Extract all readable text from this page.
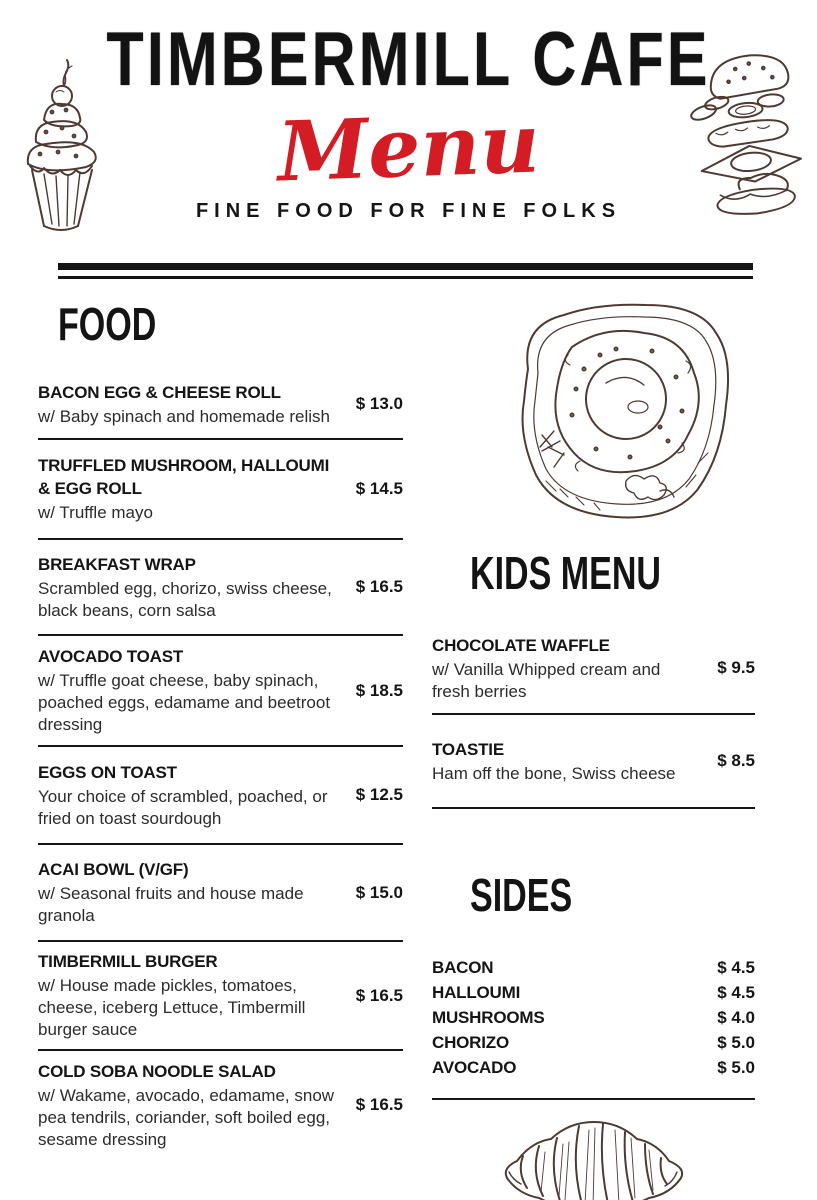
TIMBERMILL CAFE
Menu
FINE FOOD FOR FINE FOLKS
FOOD
BACON EGG & CHEESE ROLL
w/ Baby spinach and homemade relish
$ 13.0
TRUFFLED MUSHROOM, HALLOUMI & EGG ROLL
w/ Truffle mayo
$ 14.5
BREAKFAST WRAP
Scrambled egg, chorizo, swiss cheese, black beans, corn salsa
$ 16.5
AVOCADO TOAST
w/ Truffle goat cheese, baby spinach, poached eggs, edamame and beetroot dressing
$ 18.5
EGGS ON TOAST
Your choice of scrambled, poached, or fried on toast sourdough
$ 12.5
ACAI BOWL (V/GF)
w/ Seasonal fruits and house made granola
$ 15.0
TIMBERMILL BURGER
w/ House made pickles, tomatoes, cheese, iceberg Lettuce, Timbermill burger sauce
$ 16.5
COLD SOBA NOODLE SALAD
w/ Wakame, avocado, edamame, snow pea tendrils, coriander, soft boiled egg, sesame dressing
$ 16.5
KIDS MENU
CHOCOLATE WAFFLE
w/ Vanilla Whipped cream and fresh berries
$ 9.5
TOASTIE
Ham off the bone, Swiss cheese
$ 8.5
SIDES
BACON	$ 4.5
HALLOUMI	$ 4.5
MUSHROOMS	$ 4.0
CHORIZO	$ 5.0
AVOCADO	$ 5.0
